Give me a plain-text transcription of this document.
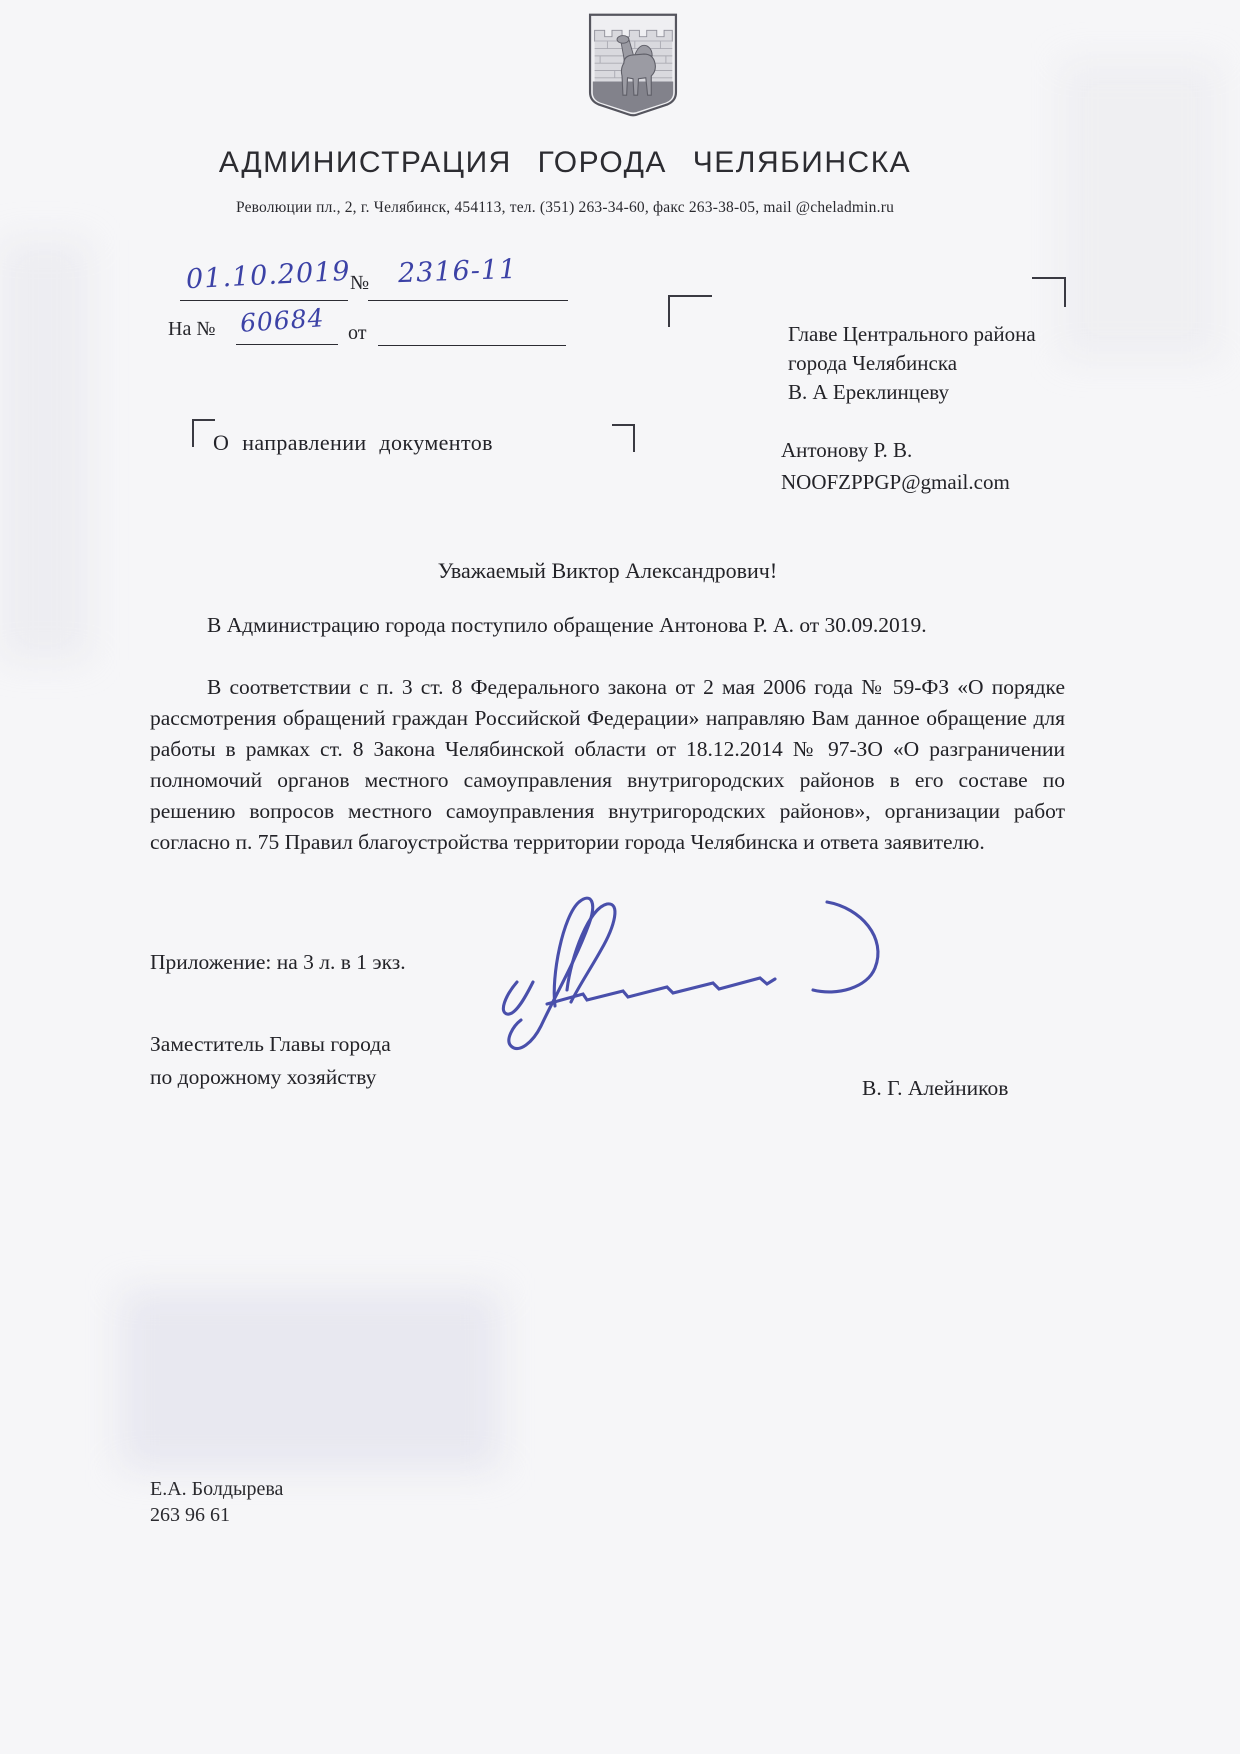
АДМИНИСТРАЦИЯ ГОРОДА ЧЕЛЯБИНСКА
Революции пл., 2, г. Челябинск, 454113, тел. (351) 263-34-60, факс 263-38-05, mail @cheladmin.ru
01.10.2019
№ 2316-11
На № 60684 от	Главе Центрального района
города Челябинска
В. А Ереклинцеву
Антонову Р. В.
NOOFZPPGP@gmail.com
О направлении документов
Уважаемый Виктор Александрович!
В Администрацию города поступило обращение Антонова Р. А. от 30.09.2019.
В соответствии с п. 3 ст. 8 Федерального закона от 2 мая 2006 года № 59-ФЗ «О порядке рассмотрения обращений граждан Российской Федерации» направляю Вам данное обращение для работы в рамках ст. 8 Закона Челябинской области от 18.12.2014 № 97-ЗО «О разграничении полномочий органов местного самоуправления внутригородских районов в его составе по решению вопросов местного самоуправления внутригородских районов», организации работ согласно п. 75 Правил благоустройства территории города Челябинска и ответа заявителю.
Приложение: на 3 л. в 1 экз.
Заместитель Главы города
по дорожному хозяйству	В. Г. Алейников
Е.А. Болдырева
263 96 61
